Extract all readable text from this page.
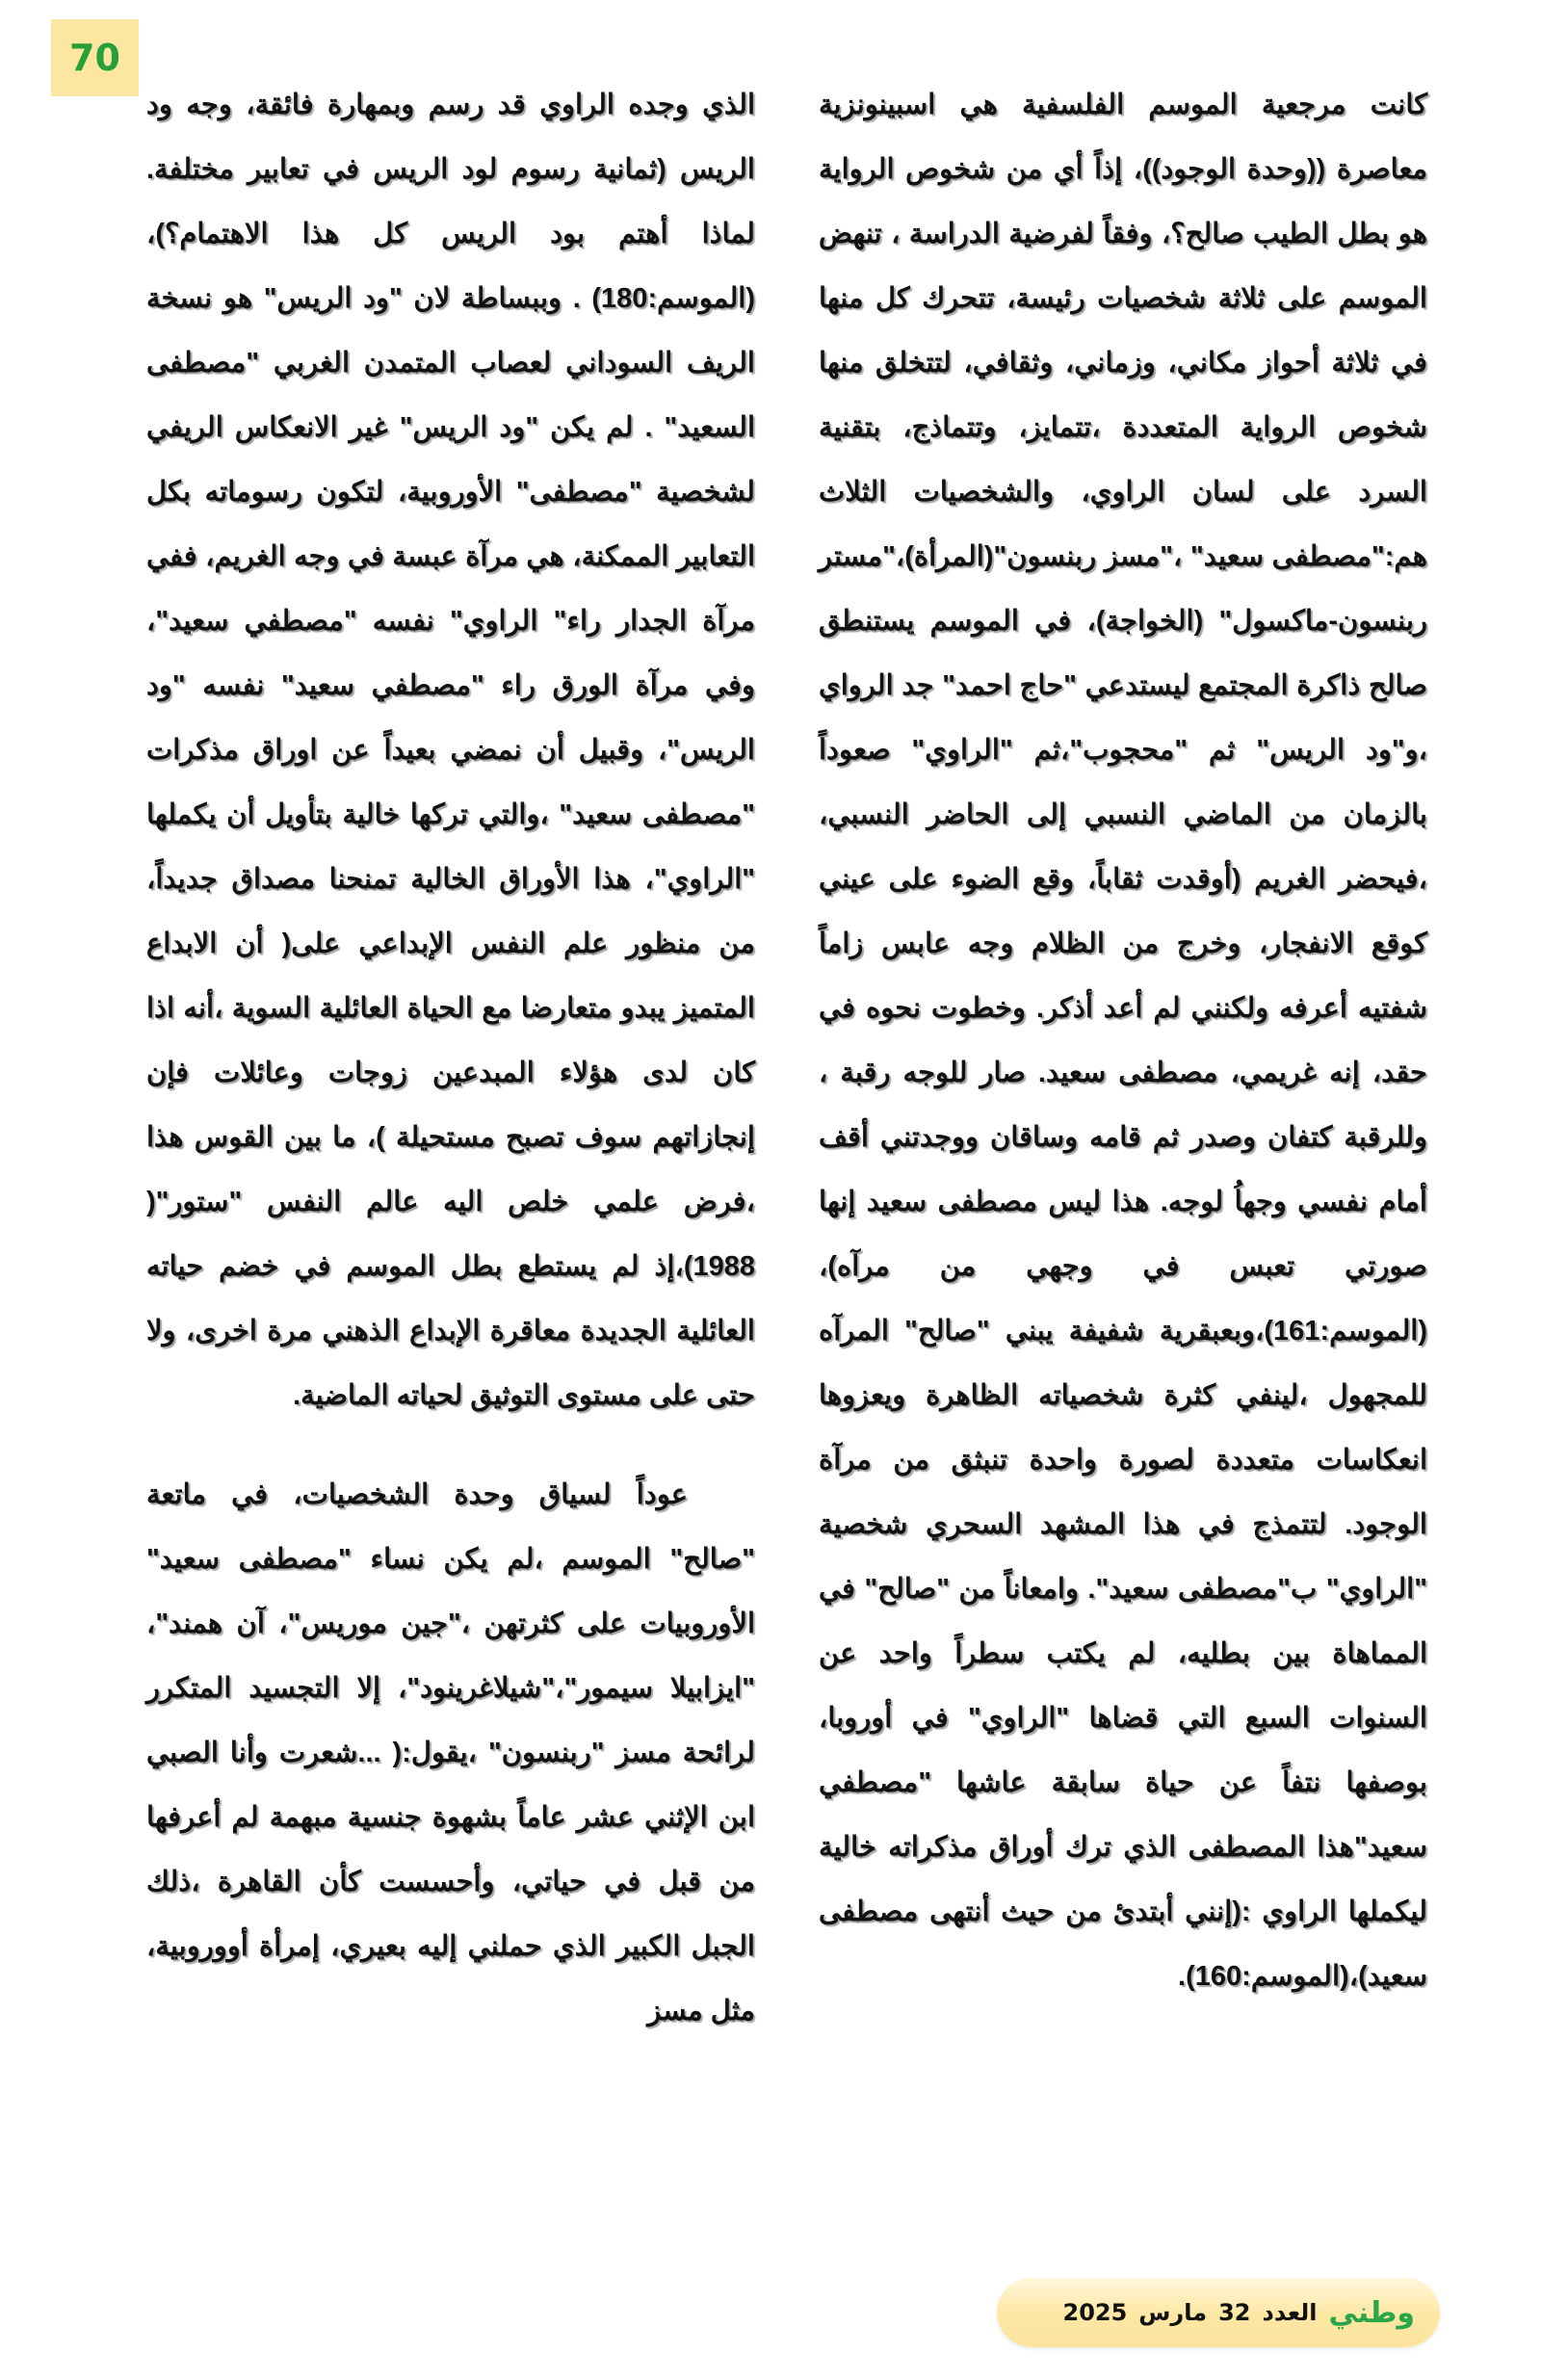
70

كانت مرجعية الموسم الفلسفية هي اسبينونزية معاصرة ((وحدة الوجود))، إذاً أي من شخوص الرواية هو بطل الطيب صالح؟، وفقاً لفرضية الدراسة ، تنهض الموسم على ثلاثة شخصيات رئيسة، تتحرك كل منها في ثلاثة أحواز مكاني، وزماني، وثقافي، لتتخلق منها شخوص الرواية المتعددة ،تتمايز، وتتماذج، بتقنية السرد على لسان الراوي، والشخصيات الثلاث هم:"مصطفى سعيد" ،"مسز ربنسون"(المرأة)،"مستر ربنسون-ماكسول" (الخواجة)، في الموسم يستنطق صالح ذاكرة المجتمع ليستدعي "حاج احمد" جد الرواي ،و"ود الريس" ثم "محجوب"،ثم "الراوي" صعوداً بالزمان من الماضي النسبي إلى الحاضر النسبي، ،فيحضر الغريم (أوقدت ثقاباً، وقع الضوء على عيني كوقع الانفجار، وخرج من الظلام وجه عابس زاماً شفتيه أعرفه ولكنني لم أعد أذكر. وخطوت نحوه في حقد، إنه غريمي، مصطفى سعيد. صار للوجه رقبة ، وللرقبة كتفان وصدر ثم قامه وساقان ووجدتني أقف أمام نفسي وجهاُ لوجه. هذا ليس مصطفى سعيد إنها صورتي تعبس في وجهي من مرآه)،(الموسم:161)،وبعبقرية شفيفة يبني "صالح" المرآه للمجهول ،لينفي كثرة شخصياته الظاهرة ويعزوها انعكاسات متعددة لصورة واحدة تنبثق من مرآة الوجود. لتتمذج في هذا المشهد السحري شخصية "الراوي" ب"مصطفى سعيد". وامعاناً من "صالح" في المماهاة بين بطليه، لم يكتب سطراً واحد عن السنوات السبع التي قضاها "الراوي" في أوروبا، بوصفها نتفاً عن حياة سابقة عاشها "مصطفي سعيد"هذا المصطفى الذي ترك أوراق مذكراته خالية ليكملها الراوي :(إنني أبتدئ من حيث أنتهى مصطفى سعيد)،(الموسم:160).

الذي وجده الراوي قد رسم وبمهارة فائقة، وجه ود الريس (ثمانية رسوم لود الريس في تعابير مختلفة. لماذا أهتم بود الريس كل هذا الاهتمام؟)،(الموسم:180) . وببساطة لان "ود الريس" هو نسخة الريف السوداني لعصاب المتمدن الغربي "مصطفى السعيد" . لم يكن "ود الريس" غير الانعكاس الريفي لشخصية "مصطفى" الأوروبية، لتكون رسوماته بكل التعابير الممكنة، هي مرآة عبسة في وجه الغريم، ففي مرآة الجدار راء" الراوي" نفسه "مصطفي سعيد"، وفي مرآة الورق راء "مصطفي سعيد" نفسه "ود الريس"، وقبيل أن نمضي بعيداً عن اوراق مذكرات "مصطفى سعيد" ،والتي تركها خالية بتأويل أن يكملها "الراوي"، هذا الأوراق الخالية تمنحنا مصداق جديداً، من منظور علم النفس الإبداعي على( أن الابداع المتميز يبدو متعارضا مع الحياة العائلية السوية ،أنه اذا كان لدى هؤلاء المبدعين زوجات وعائلات فإن إنجازاتهم سوف تصبح مستحيلة )، ما بين القوس هذا ،فرض علمي خلص اليه عالم النفس "ستور"( 1988)،إذ لم يستطع بطل الموسم في خضم حياته العائلية الجديدة معاقرة الإبداع الذهني مرة اخرى، ولا حتى على مستوى التوثيق لحياته الماضية.

عوداً لسياق وحدة الشخصيات، في ماتعة "صالح" الموسم ،لم يكن نساء "مصطفى سعيد" الأوروبيات على كثرتهن ،"جين موريس"، آن همند"، "ايزابيلا سيمور"،"شيلاغرينود"، إلا التجسيد المتكرر لرائحة مسز "ربنسون" ،يقول:( ...شعرت وأنا الصبي ابن الإثني عشر عاماً بشهوة جنسية مبهمة لم أعرفها من قبل في حياتي، وأحسست كأن القاهرة ،ذلك الجبل الكبير الذي حملني إليه بعيري، إمرأة أووروبية، مثل مسز

وطني
العدد
32
مارس
2025
